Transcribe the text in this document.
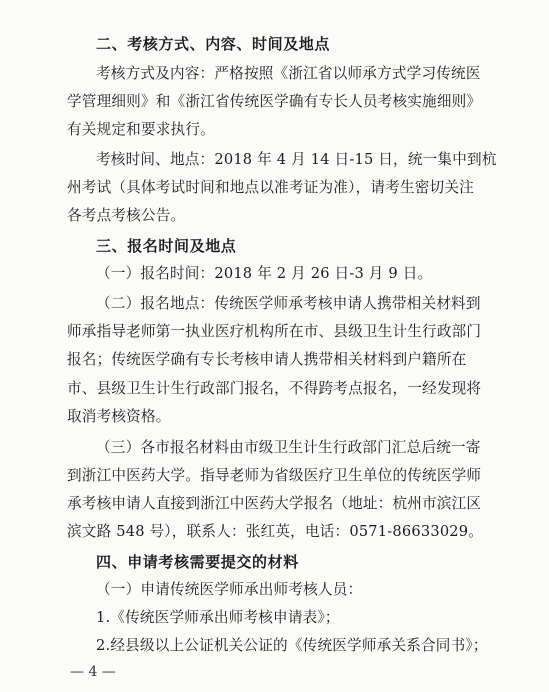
二、考核方式、内容、时间及地点
考核方式及内容：严格按照《浙江省以师承方式学习传统医
学管理细则》和《浙江省传统医学确有专长人员考核实施细则》
有关规定和要求执行。
考核时间、地点：2018 年 4 月 14 日-15 日，统一集中到杭
州考试（具体考试时间和地点以准考证为准），请考生密切关注
各考点考核公告。
三、报名时间及地点
（一）报名时间：2018 年 2 月 26 日-3 月 9 日。
（二）报名地点：传统医学师承考核申请人携带相关材料到
师承指导老师第一执业医疗机构所在市、县级卫生计生行政部门
报名；传统医学确有专长考核申请人携带相关材料到户籍所在
市、县级卫生计生行政部门报名，不得跨考点报名，一经发现将
取消考核资格。
（三）各市报名材料由市级卫生计生行政部门汇总后统一寄
到浙江中医药大学。指导老师为省级医疗卫生单位的传统医学师
承考核申请人直接到浙江中医药大学报名（地址：杭州市滨江区
滨文路 548 号），联系人：张红英，电话：0571-86633029。
四、申请考核需要提交的材料
（一）申请传统医学师承出师考核人员：
1.《传统医学师承出师考核申请表》；
2.经县级以上公证机关公证的《传统医学师承关系合同书》；
— 4 —
